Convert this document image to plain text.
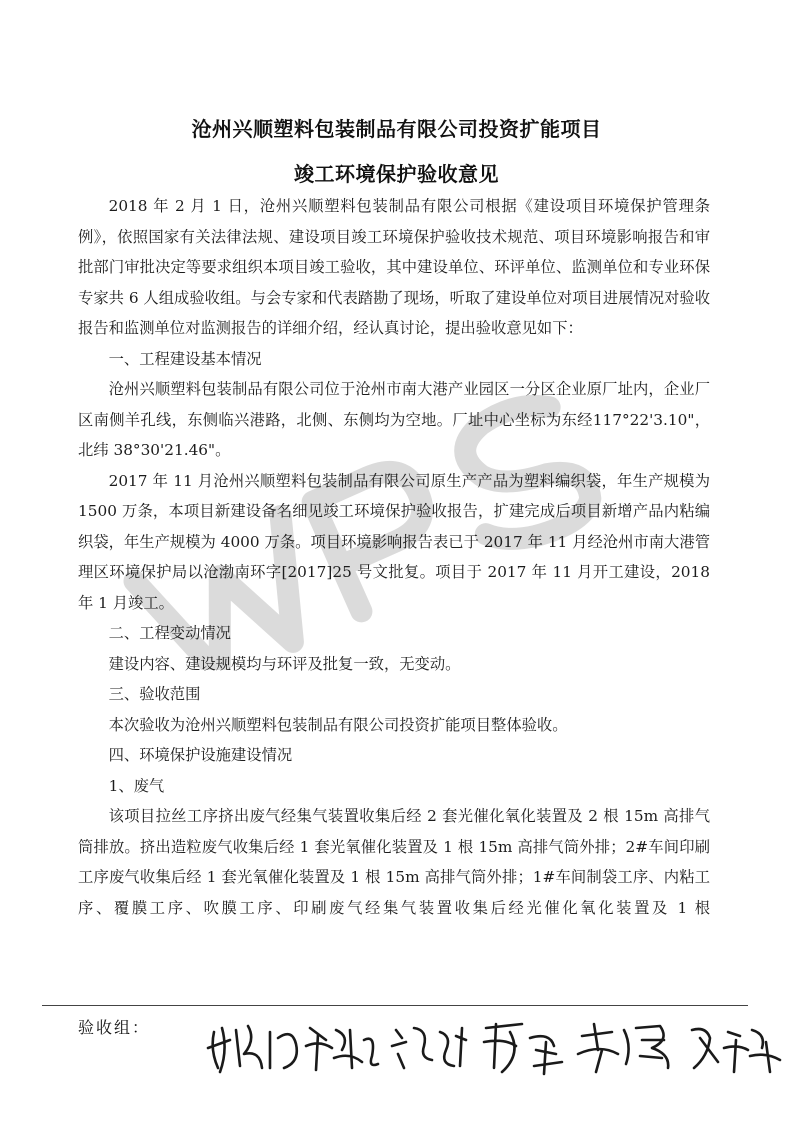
沧州兴顺塑料包装制品有限公司投资扩能项目
竣工环境保护验收意见

2018 年 2 月 1 日，沧州兴顺塑料包装制品有限公司根据《建设项目环境保护管理条例》，依照国家有关法律法规、建设项目竣工环境保护验收技术规范、项目环境影响报告和审批部门审批决定等要求组织本项目竣工验收，其中建设单位、环评单位、监测单位和专业环保专家共 6 人组成验收组。与会专家和代表踏勘了现场，听取了建设单位对项目进展情况对验收报告和监测单位对监测报告的详细介绍，经认真讨论，提出验收意见如下：

一、工程建设基本情况

沧州兴顺塑料包装制品有限公司位于沧州市南大港产业园区一分区企业原厂址内，企业厂区南侧羊孔线，东侧临兴港路，北侧、东侧均为空地。厂址中心坐标为东经117°22'3.10"，北纬 38°30'21.46"。

2017 年 11 月沧州兴顺塑料包装制品有限公司原生产产品为塑料编织袋，年生产规模为 1500 万条，本项目新建设备名细见竣工环境保护验收报告，扩建完成后项目新增产品内粘编织袋，年生产规模为 4000 万条。项目环境影响报告表已于 2017 年 11 月经沧州市南大港管理区环境保护局以沧渤南环字[2017]25 号文批复。项目于 2017 年 11 月开工建设，2018 年 1 月竣工。

二、工程变动情况

建设内容、建设规模均与环评及批复一致，无变动。

三、验收范围

本次验收为沧州兴顺塑料包装制品有限公司投资扩能项目整体验收。

四、环境保护设施建设情况

1、废气

该项目拉丝工序挤出废气经集气装置收集后经 2 套光催化氧化装置及 2 根 15m 高排气筒排放。挤出造粒废气收集后经 1 套光氧催化装置及 1 根 15m 高排气筒外排；2#车间印刷工序废气收集后经 1 套光氧催化装置及 1 根 15m 高排气筒外排；1#车间制袋工序、内粘工序、覆膜工序、吹膜工序、印刷废气经集气装置收集后经光催化氧化装置及 1 根

验收组：
